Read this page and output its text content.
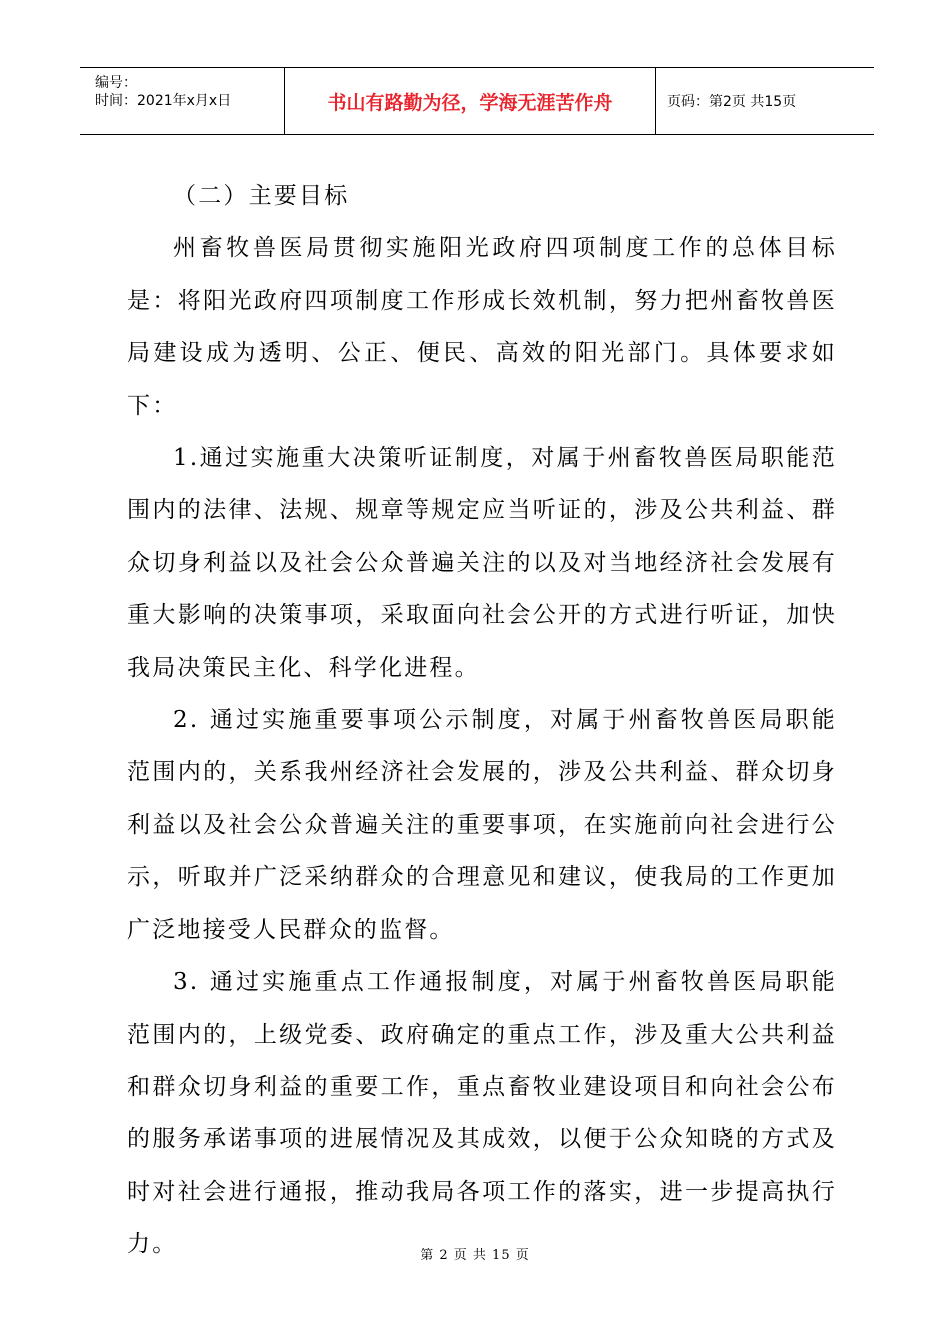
编号：
时间：2021年x月x日	书山有路勤为径，学海无涯苦作舟	页码：第2页 共15页

（二）主要目标

州畜牧兽医局贯彻实施阳光政府四项制度工作的总体目标是：将阳光政府四项制度工作形成长效机制，努力把州畜牧兽医局建设成为透明、公正、便民、高效的阳光部门。具体要求如下：

1.通过实施重大决策听证制度，对属于州畜牧兽医局职能范围内的法律、法规、规章等规定应当听证的，涉及公共利益、群众切身利益以及社会公众普遍关注的以及对当地经济社会发展有重大影响的决策事项，采取面向社会公开的方式进行听证，加快我局决策民主化、科学化进程。

2. 通过实施重要事项公示制度，对属于州畜牧兽医局职能范围内的，关系我州经济社会发展的，涉及公共利益、群众切身利益以及社会公众普遍关注的重要事项，在实施前向社会进行公示，听取并广泛采纳群众的合理意见和建议，使我局的工作更加广泛地接受人民群众的监督。

3. 通过实施重点工作通报制度，对属于州畜牧兽医局职能范围内的，上级党委、政府确定的重点工作，涉及重大公共利益和群众切身利益的重要工作，重点畜牧业建设项目和向社会公布的服务承诺事项的进展情况及其成效，以便于公众知晓的方式及时对社会进行通报，推动我局各项工作的落实，进一步提高执行力。	第 2 页 共 15 页
